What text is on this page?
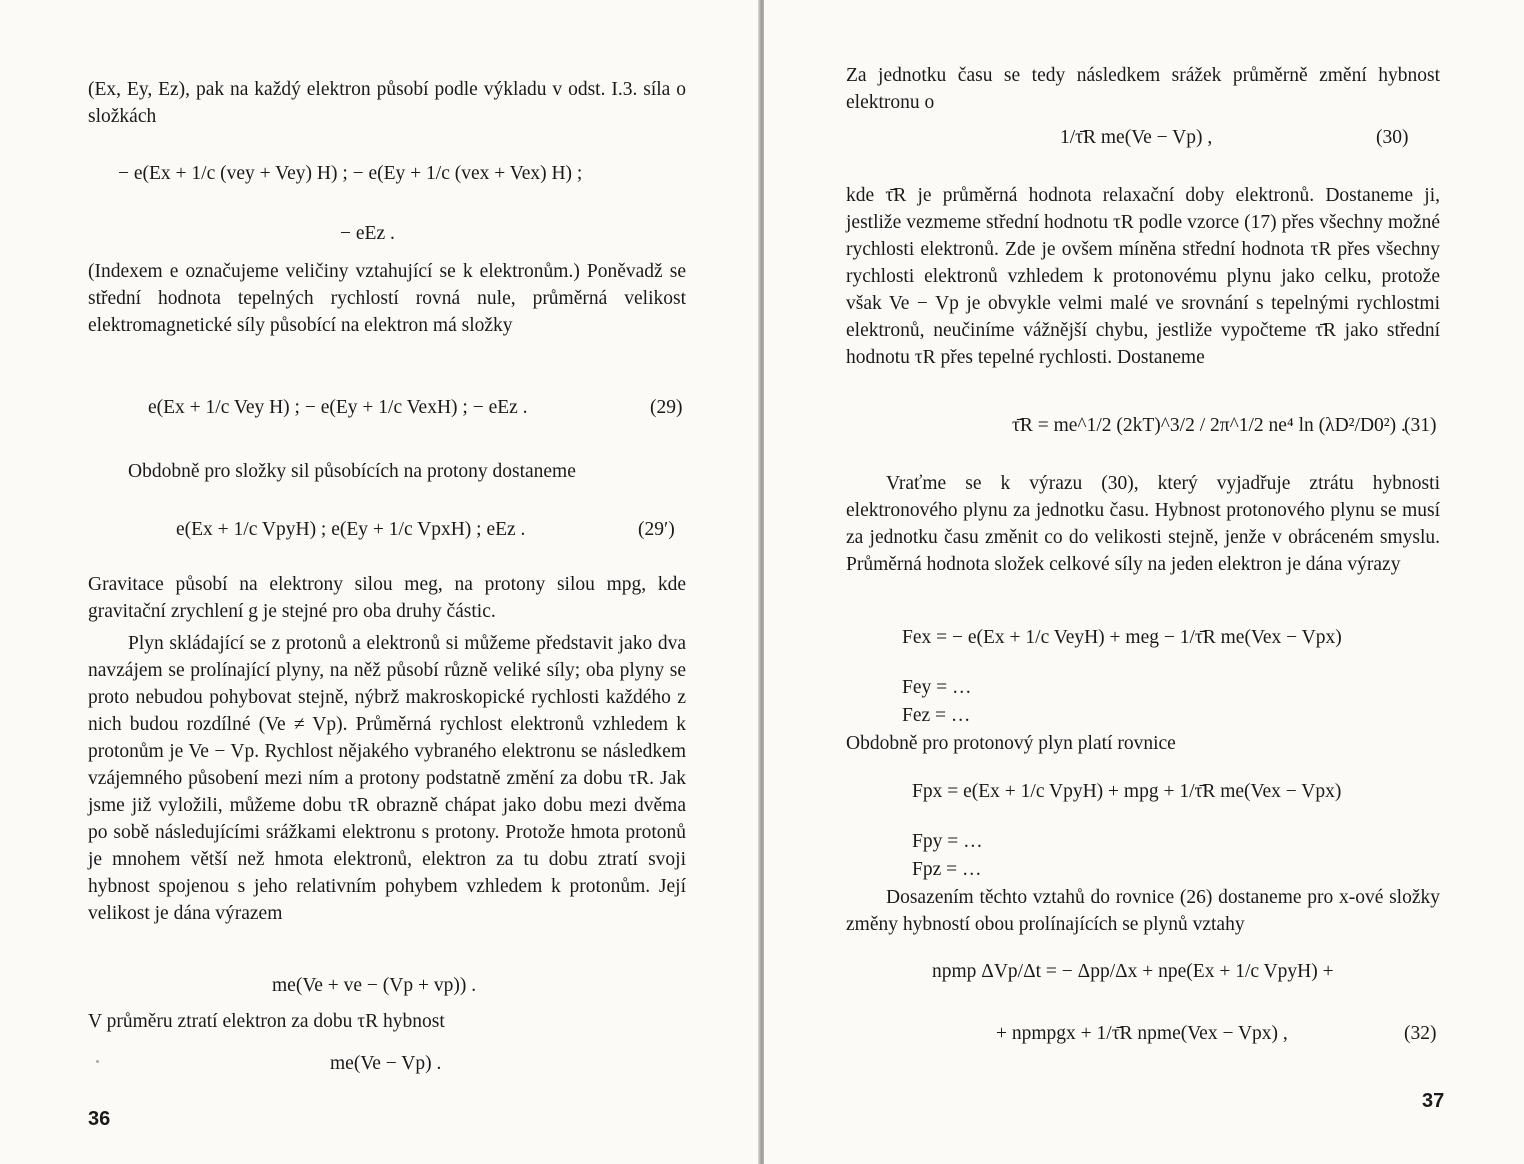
(Ex, Ey, Ez), pak na každý elektron působí podle výkladu v odst. I.3. síla o složkách
− e(Ex + 1/c (vey + Vey) H) ; − e(Ey + 1/c (vex + Vex) H) ;
− eEz .
(Indexem e označujeme veličiny vztahující se k elektronům.) Poněvadž se střední hodnota tepelných rychlostí rovná nule, průměrná velikost elektromagnetické síly působící na elektron má složky
e(Ex + 1/c Vey H) ; − e(Ey + 1/c VexH) ; − eEz .	(29)
Obdobně pro složky sil působících na protony dostaneme
e(Ex + 1/c VpyH) ; e(Ey + 1/c VpxH) ; eEz .	(29′)
Gravitace působí na elektrony silou meg, na protony silou mpg, kde gravitační zrychlení g je stejné pro oba druhy částic.
Plyn skládající se z protonů a elektronů si můžeme představit jako dva navzájem se prolínající plyny, na něž působí různě veliké síly; oba plyny se proto nebudou pohybovat stejně, nýbrž makroskopické rychlosti každého z nich budou rozdílné (Ve ≠ Vp). Průměrná rychlost elektronů vzhledem k protonům je Ve − Vp. Rychlost nějakého vybraného elektronu se následkem vzájemného působení mezi ním a protony podstatně změní za dobu τR. Jak jsme již vyložili, můžeme dobu τR obrazně chápat jako dobu mezi dvěma po sobě následujícími srážkami elektronu s protony. Protože hmota protonů je mnohem větší než hmota elektronů, elektron za tu dobu ztratí svoji hybnost spojenou s jeho relativním pohybem vzhledem k protonům. Její velikost je dána výrazem
me(Ve + ve − (Vp + vp)) .
V průměru ztratí elektron za dobu τR hybnost
me(Ve − Vp) .
36
Za jednotku času se tedy následkem srážek průměrně změní hybnost elektronu o
1/τ̄R me(Ve − Vp) ,	(30)
kde τ̄R je průměrná hodnota relaxační doby elektronů. Dostaneme ji, jestliže vezmeme střední hodnotu τR podle vzorce (17) přes všechny možné rychlosti elektronů. Zde je ovšem míněna střední hodnota τR přes všechny rychlosti elektronů vzhledem k protonovému plynu jako celku, protože však Ve − Vp je obvykle velmi malé ve srovnání s tepelnými rychlostmi elektronů, neučiníme vážnější chybu, jestliže vypočteme τ̄R jako střední hodnotu τR přes tepelné rychlosti. Dostaneme
τ̄R = me^1/2 (2kT)^3/2 / 2π^1/2 ne⁴ ln (λD²/D0²) .
(31)
Vraťme se k výrazu (30), který vyjadřuje ztrátu hybnosti elektronového plynu za jednotku času. Hybnost protonového plynu se musí za jednotku času změnit co do velikosti stejně, jenže v obráceném smyslu. Průměrná hodnota složek celkové síly na jeden elektron je dána výrazy
Fex = − e(Ex + 1/c VeyH) + meg − 1/τ̄R me(Vex − Vpx)
Fey = …
Fez = …
Obdobně pro protonový plyn platí rovnice
Fpx = e(Ex + 1/c VpyH) + mpg + 1/τ̄R me(Vex − Vpx)
Fpy = …
Fpz = …
Dosazením těchto vztahů do rovnice (26) dostaneme pro x-ové složky změny hybností obou prolínajících se plynů vztahy
npmp ΔVp/Δt = − Δpp/Δx + npe(Ex + 1/c VpyH) +
+ npmpgx + 1/τ̄R npme(Vex − Vpx) ,	(32)
37
